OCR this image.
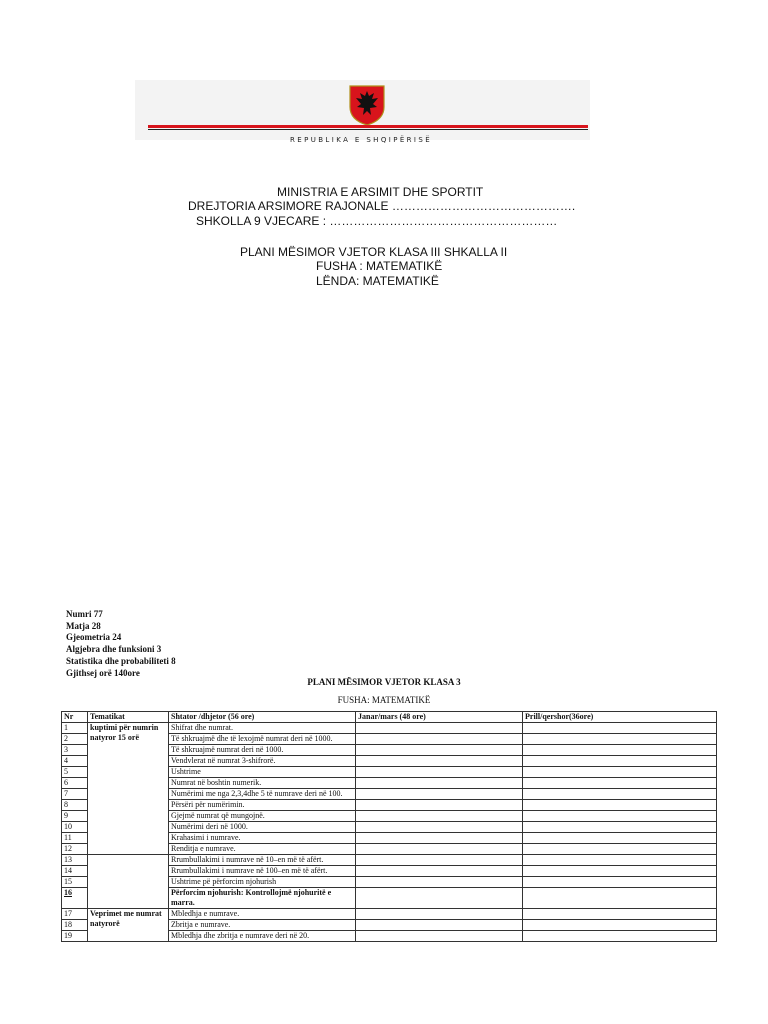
REPUBLIKA E SHQIPËRISË
MINISTRIA E ARSIMIT DHE SPORTIT
DREJTORIA ARSIMORE RAJONALE ……………………………………….
SHKOLLA 9 VJECARE : …………………………………………………
PLANI MËSIMOR VJETOR KLASA III SHKALLA II
FUSHA : MATEMATIKË
LËNDA: MATEMATIKË
Numri 77
Matja 28
Gjeometria 24
Algjebra dhe funksioni 3
Statistika dhe probabiliteti 8
Gjithsej orë 140ore
PLANI MËSIMOR VJETOR KLASA 3
FUSHA: MATEMATIKË
Nr	Tematikat	Shtator /dhjetor (56 ore)	Janar/mars (48 ore)	Prill/qershor(36ore)
1	kuptimi për numrin natyror 15 orë	Shifrat dhe numrat.		
2		Të shkruajmë dhe të lexojmë numrat deri në 1000.		
3		Të shkruajmë numrat deri në 1000.		
4		Vendvlerat në numrat 3-shifrorë.		
5		Ushtrime		
6		Numrat në boshtin numerik.		
7		Numërimi me nga 2,3,4dhe 5 të numrave deri në 100.		
8		Përsëri për numërimin.		
9		Gjejmë numrat që mungojnë.		
10		Numërimi deri në 1000.		
11		Krahasimi i numrave.		
12		Renditja e numrave.		
13		Rrumbullakimi i numrave në 10–en më të afërt.		
14		Rrumbullakimi i numrave në 100–en më të afërt.		
15		Ushtrime pë përforcim njohurish		
16		Përforcim njohurish: Kontrollojmë njohuritë e marra.		
17	Veprimet me numrat natyrorë	Mbledhja e numrave.		
18		Zbritja e numrave.		
19		Mbledhja dhe zbritja e numrave deri në 20.		
